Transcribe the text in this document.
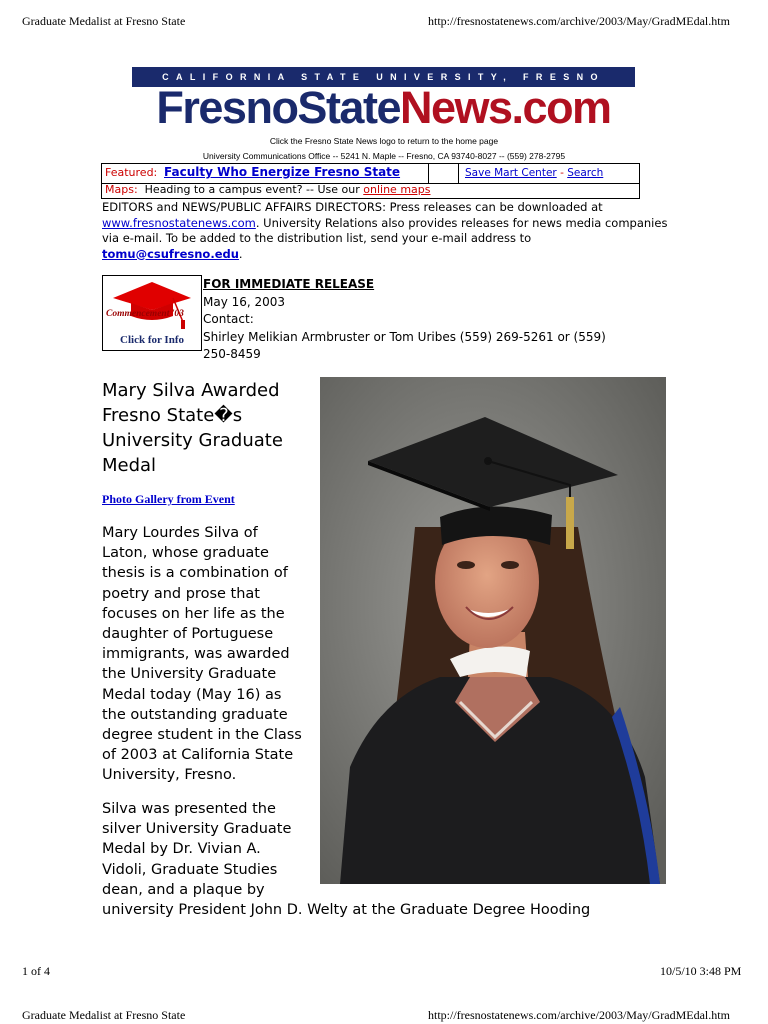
Graduate Medalist at Fresno State	http://fresnostatenews.com/archive/2003/May/GradMEdal.htm
CALIFORNIA STATE UNIVERSITY, FRESNO
FresnoStateNews.com
Click the Fresno State News logo to return to the home page
University Communications Office -- 5241 N. Maple -- Fresno, CA 93740-8027 -- (559) 278-2795
Featured: Faculty Who Energize Fresno State	Save Mart Center - Search
Maps: Heading to a campus event? -- Use our online maps
EDITORS and NEWS/PUBLIC AFFAIRS DIRECTORS: Press releases can be downloaded at
www.fresnostatenews.com. University Relations also provides releases for news media companies
via e-mail. To be added to the distribution list, send your e-mail address to
tomu@csufresno.edu.
Commencement '03
Click for Info
FOR IMMEDIATE RELEASE
May 16, 2003
Contact:
Shirley Melikian Armbruster or Tom Uribes (559) 269-5261 or (559)
250-8459
Mary Silva Awarded
Fresno State�s
University Graduate
Medal
Photo Gallery from Event
Mary Lourdes Silva of
Laton, whose graduate
thesis is a combination of
poetry and prose that
focuses on her life as the
daughter of Portuguese
immigrants, was awarded
the University Graduate
Medal today (May 16) as
the outstanding graduate
degree student in the Class
of 2003 at California State
University, Fresno.
Silva was presented the
silver University Graduate
Medal by Dr. Vivian A.
Vidoli, Graduate Studies
dean, and a plaque by
university President John D. Welty at the Graduate Degree Hooding
1 of 4	10/5/10 3:48 PM
Graduate Medalist at Fresno State	http://fresnostatenews.com/archive/2003/May/GradMEdal.htm
